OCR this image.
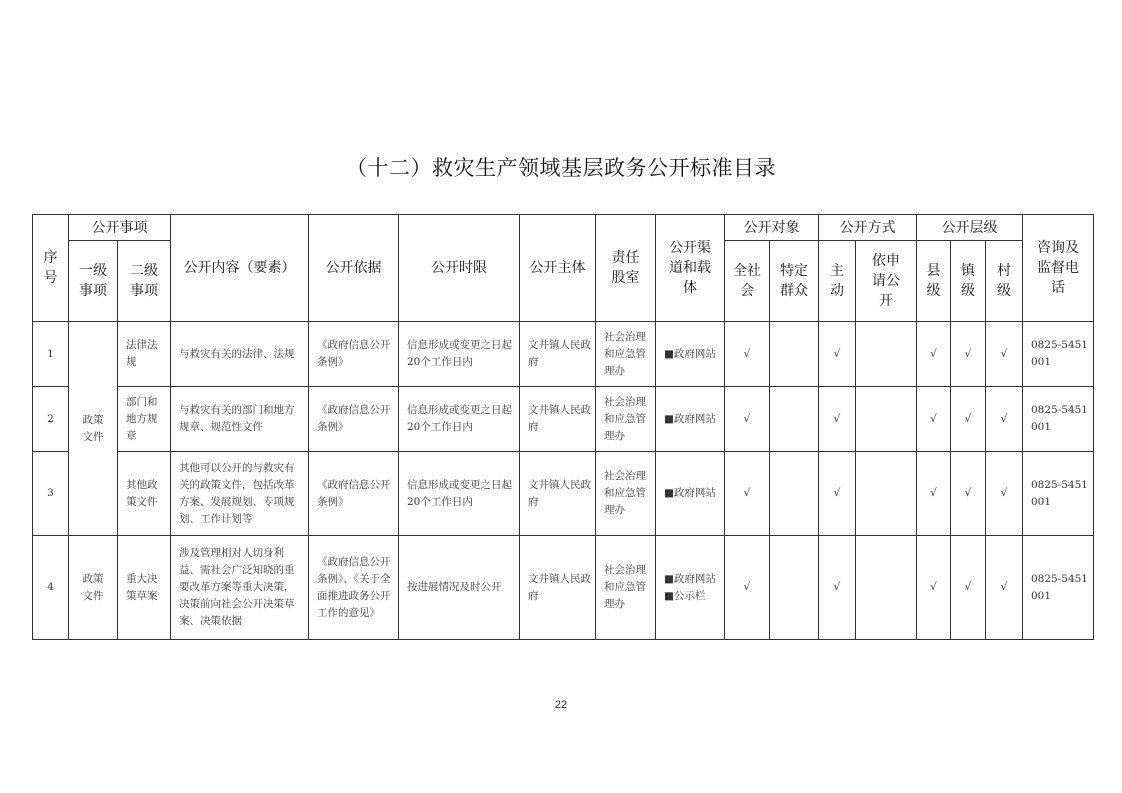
（十二）救灾生产领域基层政务公开标准目录
序号	公开事项		公开内容（要素）	公开依据	公开时限	公开主体	责任股室	公开渠道和载体	公开对象		公开方式		公开层级			咨询及监督电话
	一级事项	二级事项							全社会	特定群众	主动	依申请公开	县级	镇级	村级	
1	政策文件	法律法规	与救灾有关的法律、法规	《政府信息公开条例》	信息形成或变更之日起20个工作日内	文井镇人民政府	社会治理和应急管理办	■政府网站	√		√		√	√	√	0825-5451001
2		部门和地方规章	与救灾有关的部门和地方规章、规范性文件	《政府信息公开条例》	信息形成或变更之日起20个工作日内	文井镇人民政府	社会治理和应急管理办	■政府网站	√		√		√	√	√	0825-5451001
3		其他政策文件	其他可以公开的与救灾有关的政策文件，包括改革方案、发展规划、专项规划、工作计划等	《政府信息公开条例》	信息形成或变更之日起20个工作日内	文井镇人民政府	社会治理和应急管理办	■政府网站	√		√		√	√	√	0825-5451001
4	政策文件	重大决策草案	涉及管理相对人切身利益、需社会广泛知晓的重要改革方案等重大决策，决策前向社会公开决策草案、决策依据	《政府信息公开条例》、《关于全面推进政务公开工作的意见》	按进展情况及时公开	文井镇人民政府	社会治理和应急管理办	■政府网站
■公示栏	√		√		√	√	√	0825-5451001
22
